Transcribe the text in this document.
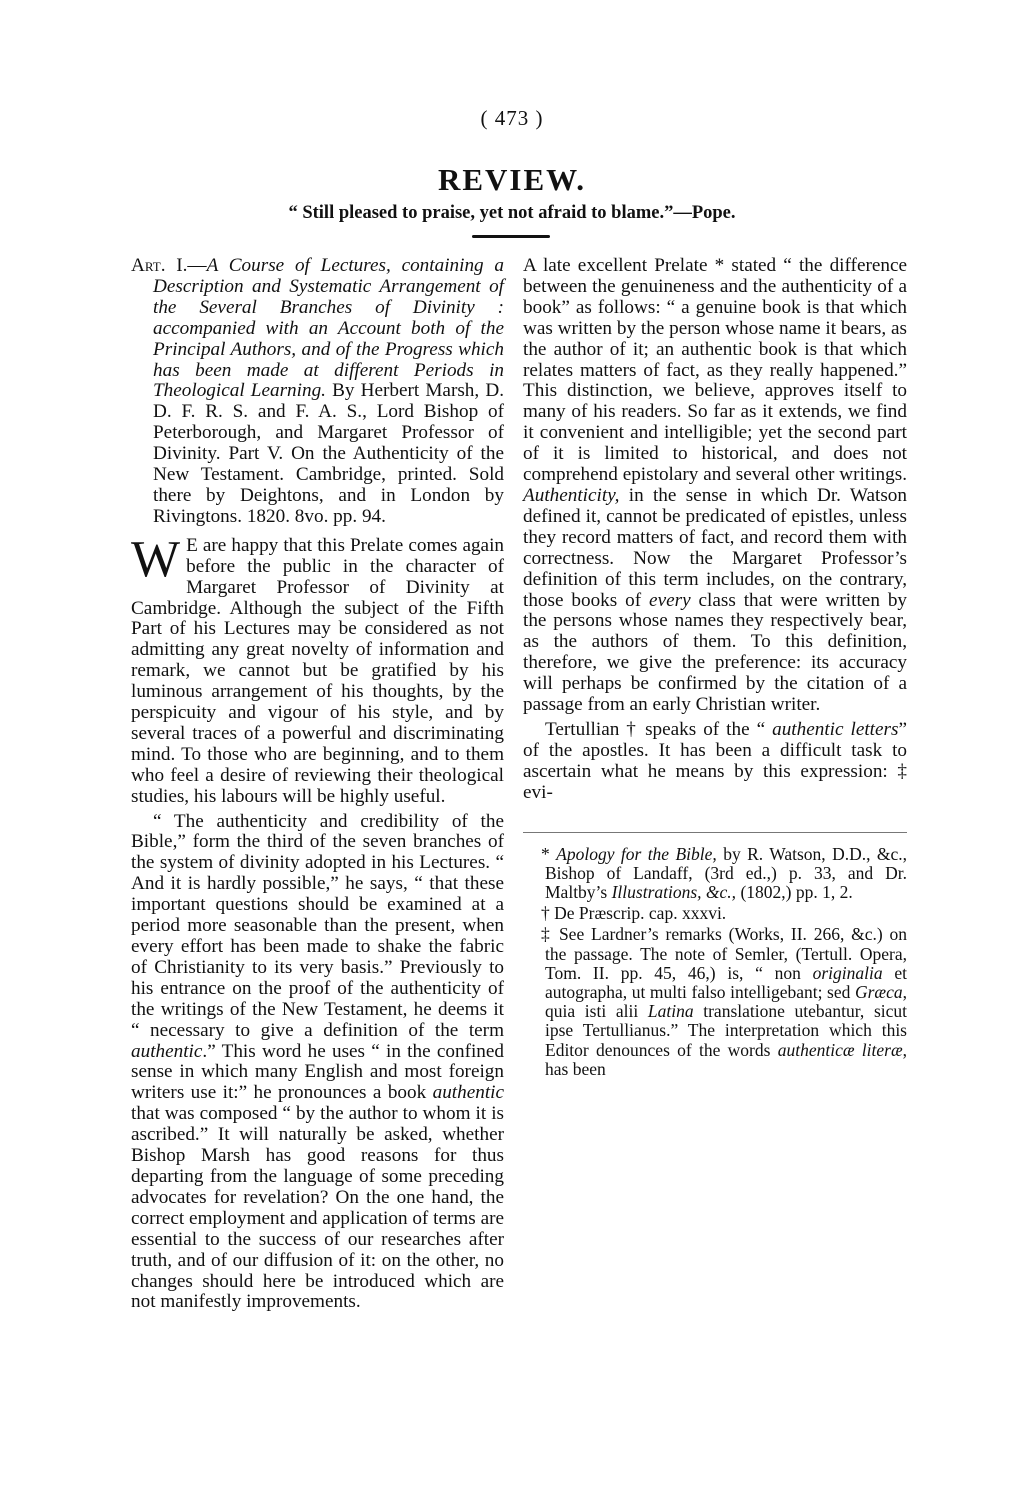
( 473 )
REVIEW.
“ Still pleased to praise, yet not afraid to blame.”—Pope.

Art. I.—A Course of Lectures, containing a Description and Systematic Arrangement of the Several Branches of Divinity : accompanied with an Account both of the Principal Authors, and of the Progress which has been made at different Periods in Theological Learning. By Herbert Marsh, D. D. F. R. S. and F. A. S., Lord Bishop of Peterborough, and Margaret Professor of Divinity. Part V. On the Authenticity of the New Testament. Cambridge, printed. Sold there by Deightons, and in London by Rivingtons. 1820. 8vo. pp. 94.

W E are happy that this Prelate comes again before the public in the character of Margaret Professor of Divinity at Cambridge. Although the subject of the Fifth Part of his Lectures may be considered as not admitting any great novelty of information and remark, we cannot but be gratified by his luminous arrangement of his thoughts, by the perspicuity and vigour of his style, and by several traces of a powerful and discriminating mind. To those who are beginning, and to them who feel a desire of reviewing their theological studies, his labours will be highly useful.

“ The authenticity and credibility of the Bible,” form the third of the seven branches of the system of divinity adopted in his Lectures. “ And it is hardly possible,” he says, “ that these important questions should be examined at a period more seasonable than the present, when every effort has been made to shake the fabric of Christianity to its very basis.” Previously to his entrance on the proof of the authenticity of the writings of the New Testament, he deems it “ necessary to give a definition of the term authentic.” This word he uses “ in the confined sense in which many English and most foreign writers use it:” he pronounces a book authentic that was composed “ by the author to whom it is ascribed.” It will naturally be asked, whether Bishop Marsh has good reasons for thus departing from the language of some preceding advocates for revelation? On the one hand, the correct employment and application of terms are essential to the success of our researches after truth, and of our diffusion of it: on the other, no changes should here be introduced which are not manifestly improvements.

A late excellent Prelate * stated “ the difference between the genuineness and the authenticity of a book” as follows: “ a genuine book is that which was written by the person whose name it bears, as the author of it; an authentic book is that which relates matters of fact, as they really happened.” This distinction, we believe, approves itself to many of his readers. So far as it extends, we find it convenient and intelligible; yet the second part of it is limited to historical, and does not comprehend epistolary and several other writings. Authenticity, in the sense in which Dr. Watson defined it, cannot be predicated of epistles, unless they record matters of fact, and record them with correctness. Now the Margaret Professor’s definition of this term includes, on the contrary, those books of every class that were written by the persons whose names they respectively bear, as the authors of them. To this definition, therefore, we give the preference: its accuracy will perhaps be confirmed by the citation of a passage from an early Christian writer.

Tertullian † speaks of the “ authentic letters” of the apostles. It has been a difficult task to ascertain what he means by this expression: ‡ evi-

* Apology for the Bible, by R. Watson, D.D., &c., Bishop of Landaff, (3rd ed.,) p. 33, and Dr. Maltby’s Illustrations, &c., (1802,) pp. 1, 2.

† De Præscrip. cap. xxxvi.

‡ See Lardner’s remarks (Works, II. 266, &c.) on the passage. The note of Semler, (Tertull. Opera, Tom. II. pp. 45, 46,) is, “ non originalia et autographa, ut multi falso intelligebant; sed Græca, quia isti alii Latina translatione utebantur, sicut ipse Tertullianus.” The interpretation which this Editor denounces of the words authenticæ literæ, has been
